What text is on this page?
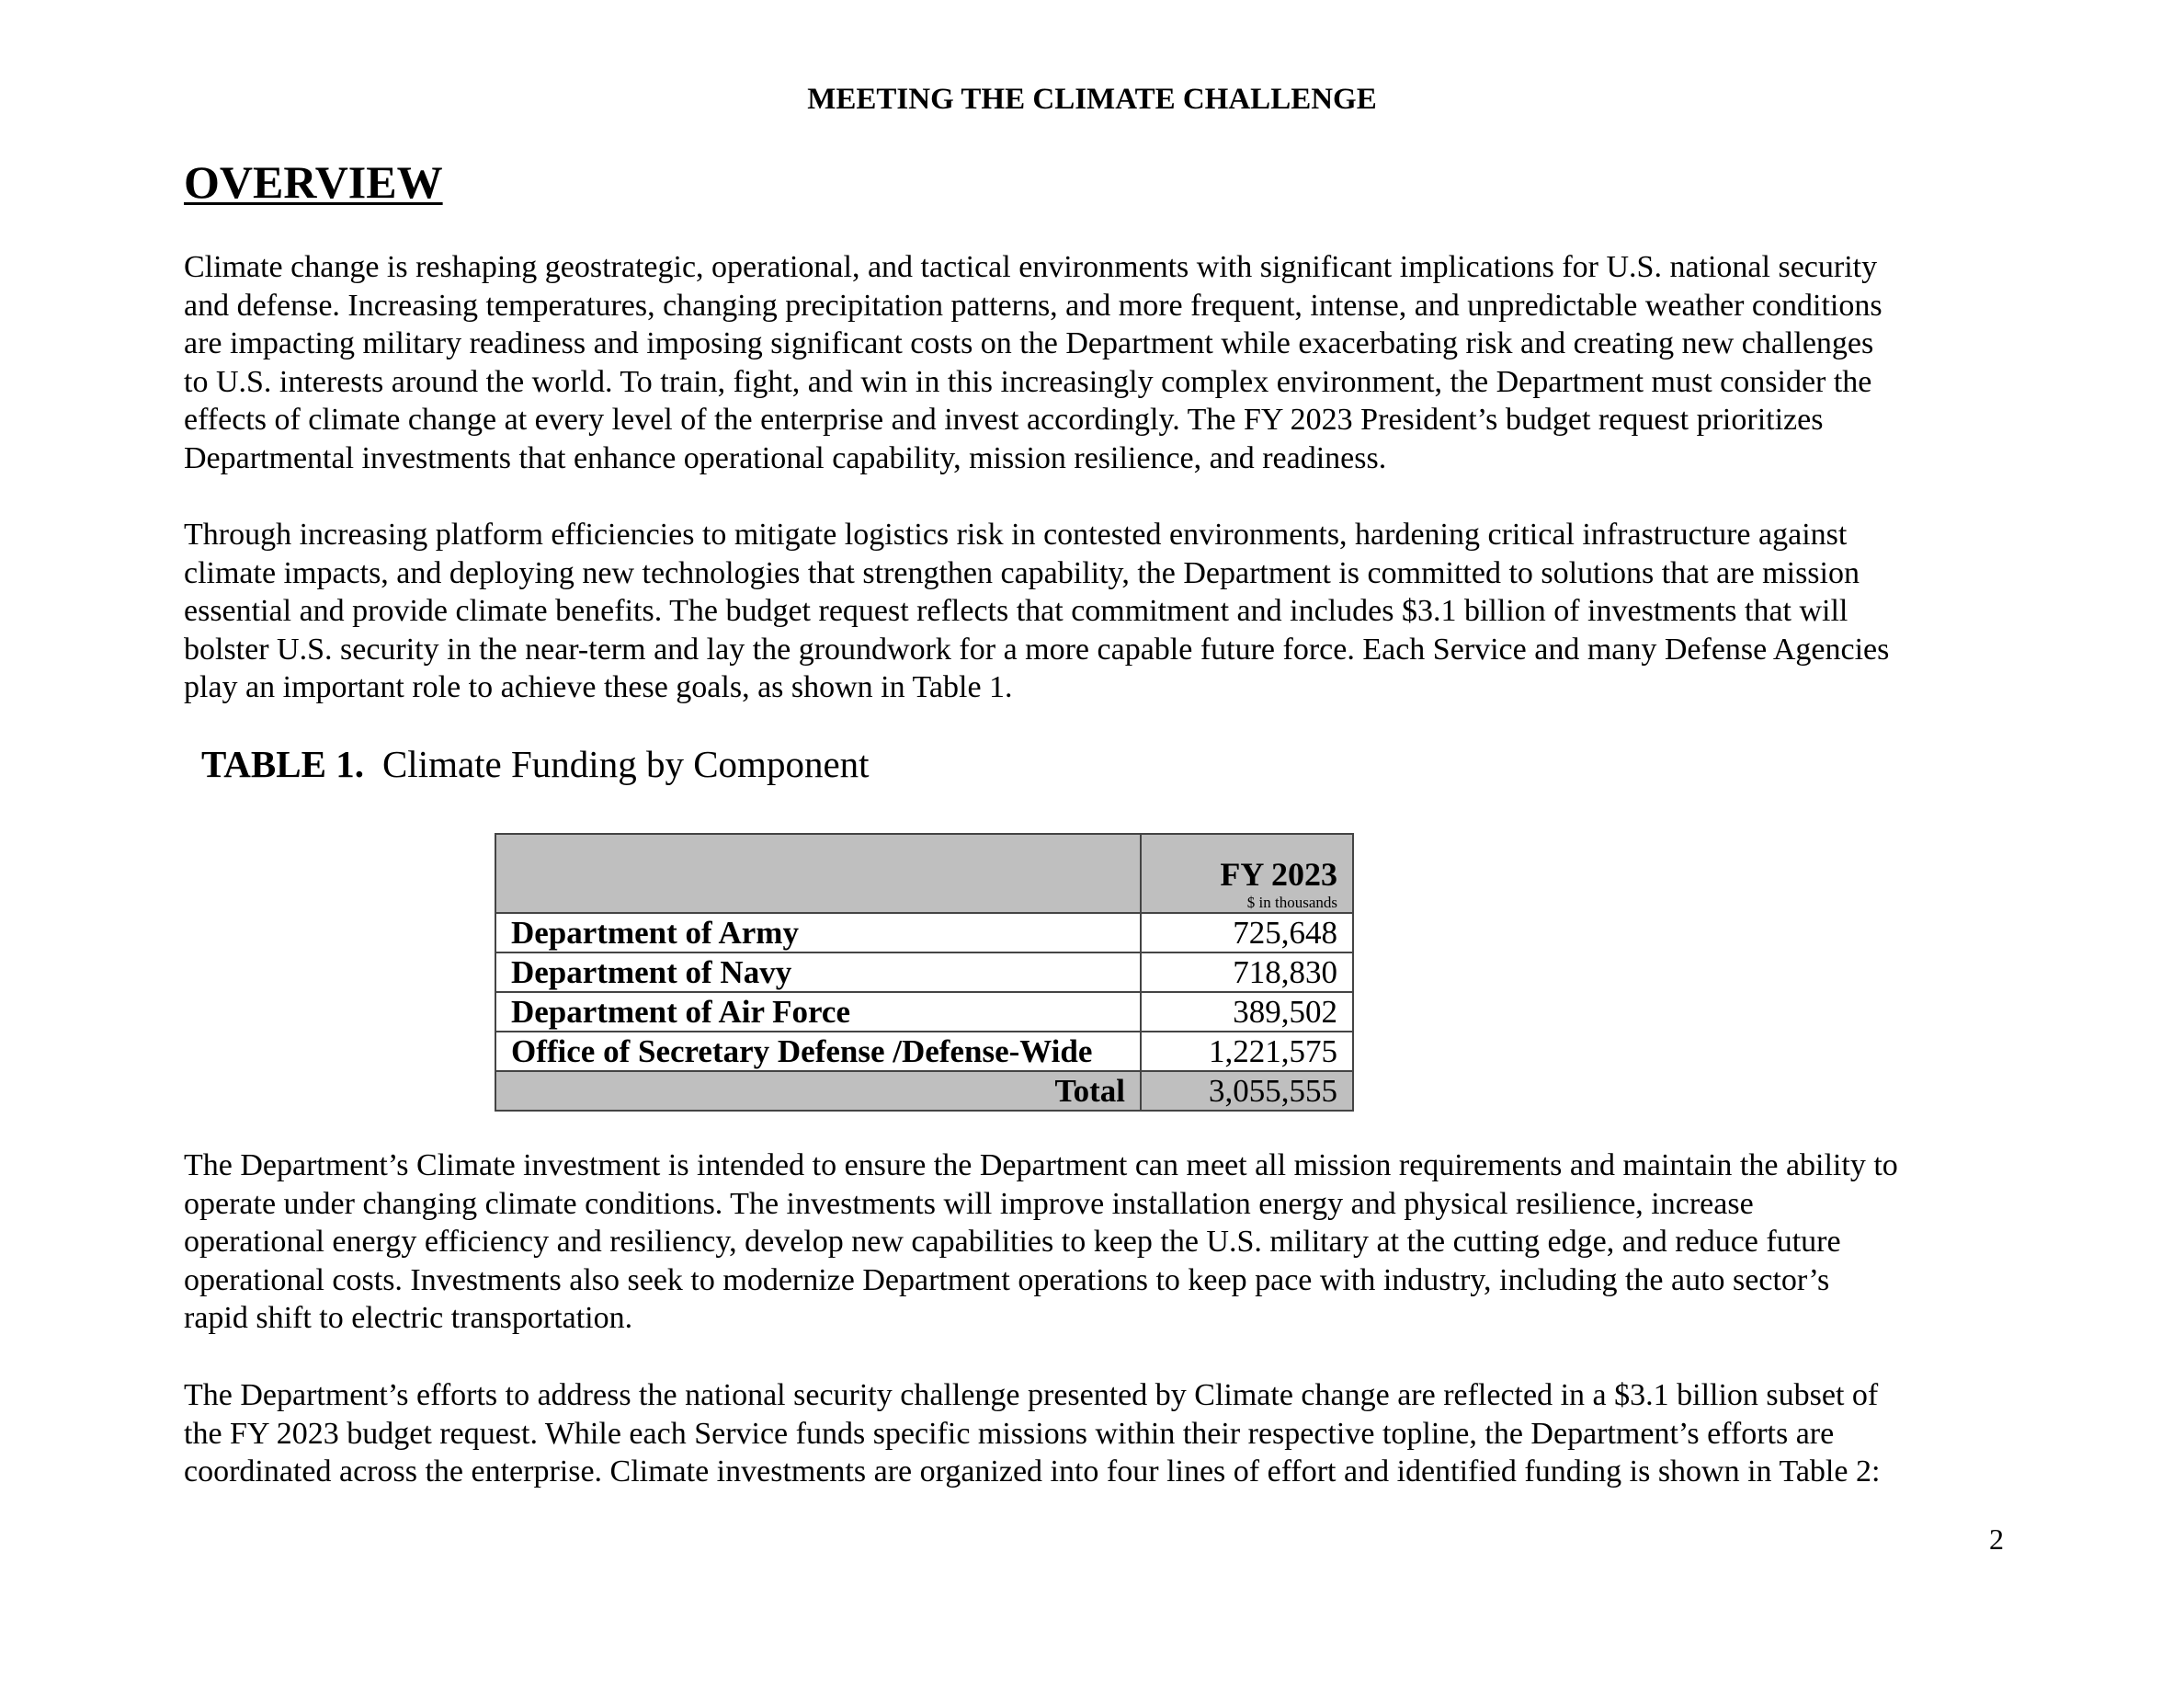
MEETING THE CLIMATE CHALLENGE
OVERVIEW

Climate change is reshaping geostrategic, operational, and tactical environments with significant implications for U.S. national security
and defense. Increasing temperatures, changing precipitation patterns, and more frequent, intense, and unpredictable weather conditions
are impacting military readiness and imposing significant costs on the Department while exacerbating risk and creating new challenges
to U.S. interests around the world. To train, fight, and win in this increasingly complex environment, the Department must consider the
effects of climate change at every level of the enterprise and invest accordingly. The FY 2023 President’s budget request prioritizes
Departmental investments that enhance operational capability, mission resilience, and readiness.

Through increasing platform efficiencies to mitigate logistics risk in contested environments, hardening critical infrastructure against
climate impacts, and deploying new technologies that strengthen capability, the Department is committed to solutions that are mission
essential and provide climate benefits. The budget request reflects that commitment and includes $3.1 billion of investments that will
bolster U.S. security in the near-term and lay the groundwork for a more capable future force. Each Service and many Defense Agencies
play an important role to achieve these goals, as shown in Table 1.

TABLE 1. Climate Funding by Component

	FY 2023
$ in thousands

Department of Army	725,648
Department of Navy	718,830
Department of Air Force	389,502
Office of Secretary Defense /Defense-Wide	1,221,575
Total	3,055,555

The Department’s Climate investment is intended to ensure the Department can meet all mission requirements and maintain the ability to
operate under changing climate conditions. The investments will improve installation energy and physical resilience, increase
operational energy efficiency and resiliency, develop new capabilities to keep the U.S. military at the cutting edge, and reduce future
operational costs. Investments also seek to modernize Department operations to keep pace with industry, including the auto sector’s
rapid shift to electric transportation.

The Department’s efforts to address the national security challenge presented by Climate change are reflected in a $3.1 billion subset of
the FY 2023 budget request. While each Service funds specific missions within their respective topline, the Department’s efforts are
coordinated across the enterprise. Climate investments are organized into four lines of effort and identified funding is shown in Table 2:

2
